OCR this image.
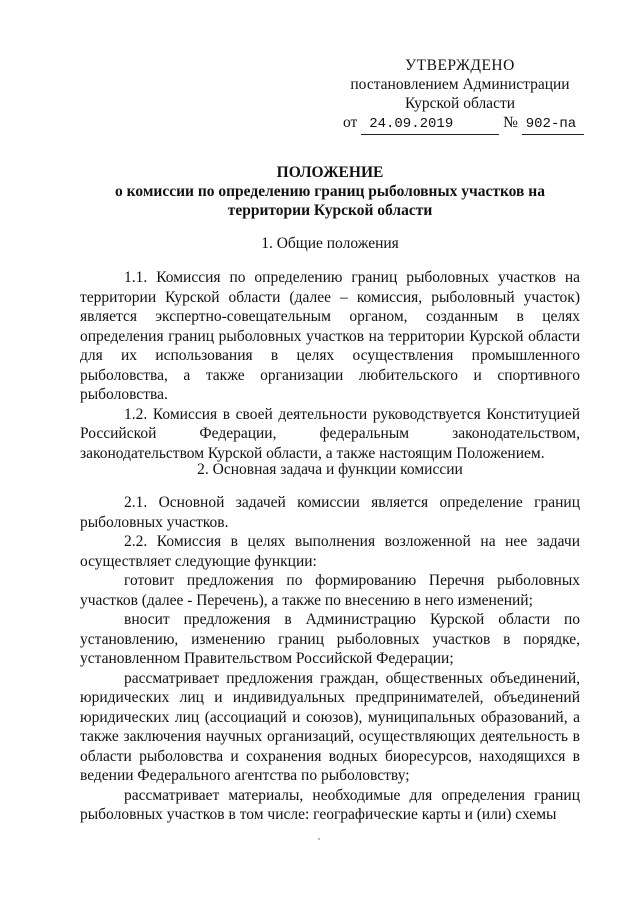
УТВЕРЖДЕНО
постановлением Администрации
Курской области
от 24.09.2019	№ 902-па
ПОЛОЖЕНИЕ
о комиссии по определению границ рыболовных участков на
территории Курской области
1. Общие положения

1.1. Комиссия по определению границ рыболовных участков на территории Курской области (далее – комиссия, рыболовный участок) является экспертно-совещательным органом, созданным в целях определения границ рыболовных участков на территории Курской области для их использования в целях осуществления промышленного рыболовства, а также организации любительского и спортивного рыболовства.

1.2. Комиссия в своей деятельности руководствуется Конституцией Российской Федерации, федеральным законодательством, законодательством Курской области, а также настоящим Положением.

2. Основная задача и функции комиссии

2.1. Основной задачей комиссии является определение границ рыболовных участков.

2.2. Комиссия в целях выполнения возложенной на нее задачи осуществляет следующие функции:

готовит предложения по формированию Перечня рыболовных участков (далее - Перечень), а также по внесению в него изменений;

вносит предложения в Администрацию Курской области по установлению, изменению границ рыболовных участков в порядке, установленном Правительством Российской Федерации;

рассматривает предложения граждан, общественных объединений, юридических лиц и индивидуальных предпринимателей, объединений юридических лиц (ассоциаций и союзов), муниципальных образований, а также заключения научных организаций, осуществляющих деятельность в области рыболовства и сохранения водных биоресурсов, находящихся в ведении Федерального агентства по рыболовству;

рассматривает материалы, необходимые для определения границ рыболовных участков в том числе: географические карты и (или) схемы
